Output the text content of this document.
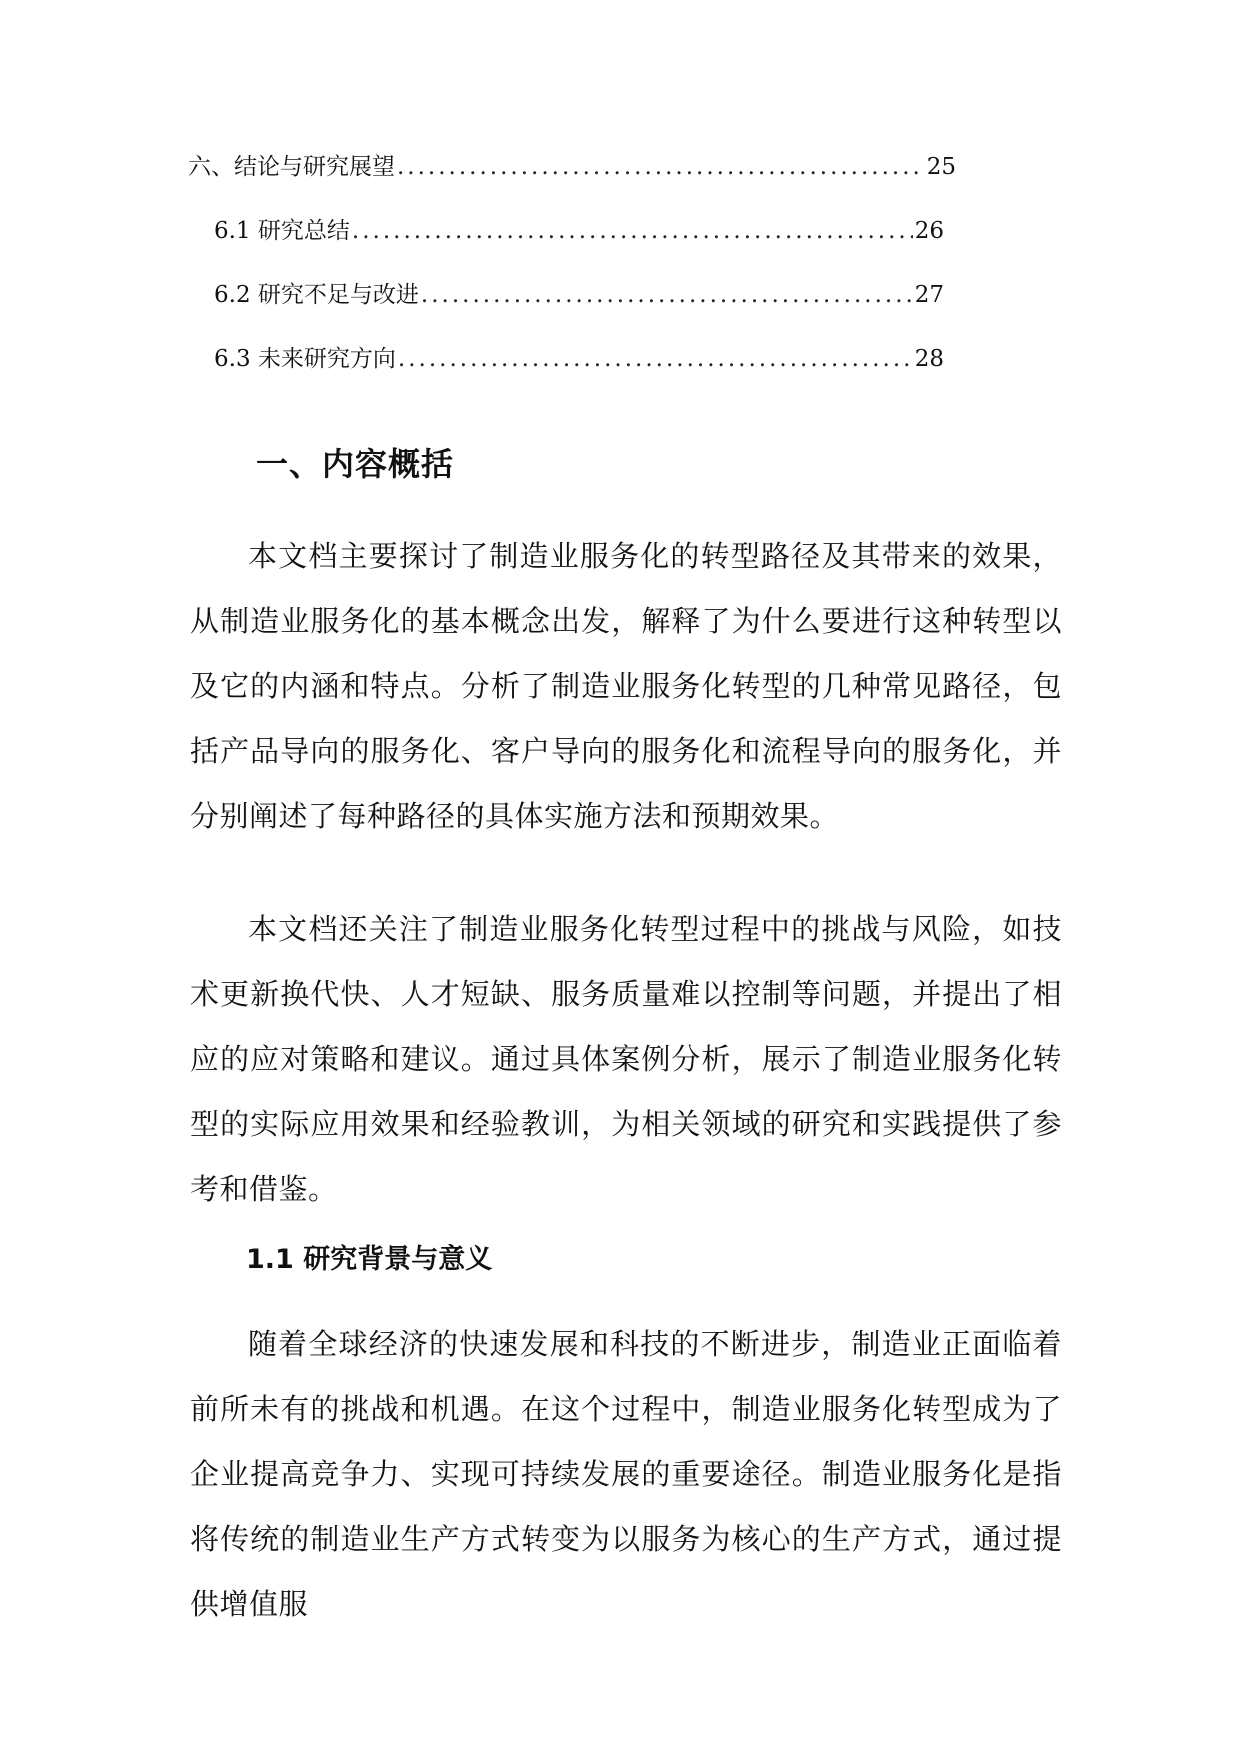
六、结论与研究展望 .....	25
6.1 研究总结 .....	26
6.2 研究不足与改进 .....	27
6.3 未来研究方向 .....	28
一、内容概括

本文档主要探讨了制造业服务化的转型路径及其带来的效果，从制造业服务化的基本概念出发，解释了为什么要进行这种转型以及它的内涵和特点。分析了制造业服务化转型的几种常见路径，包括产品导向的服务化、客户导向的服务化和流程导向的服务化，并分别阐述了每种路径的具体实施方法和预期效果。

本文档还关注了制造业服务化转型过程中的挑战与风险，如技术更新换代快、人才短缺、服务质量难以控制等问题，并提出了相应的应对策略和建议。通过具体案例分析，展示了制造业服务化转型的实际应用效果和经验教训，为相关领域的研究和实践提供了参考和借鉴。

1.1 研究背景与意义

随着全球经济的快速发展和科技的不断进步，制造业正面临着前所未有的挑战和机遇。在这个过程中，制造业服务化转型成为了企业提高竞争力、实现可持续发展的重要途径。制造业服务化是指将传统的制造业生产方式转变为以服务为核心的生产方式，通过提供增值服
